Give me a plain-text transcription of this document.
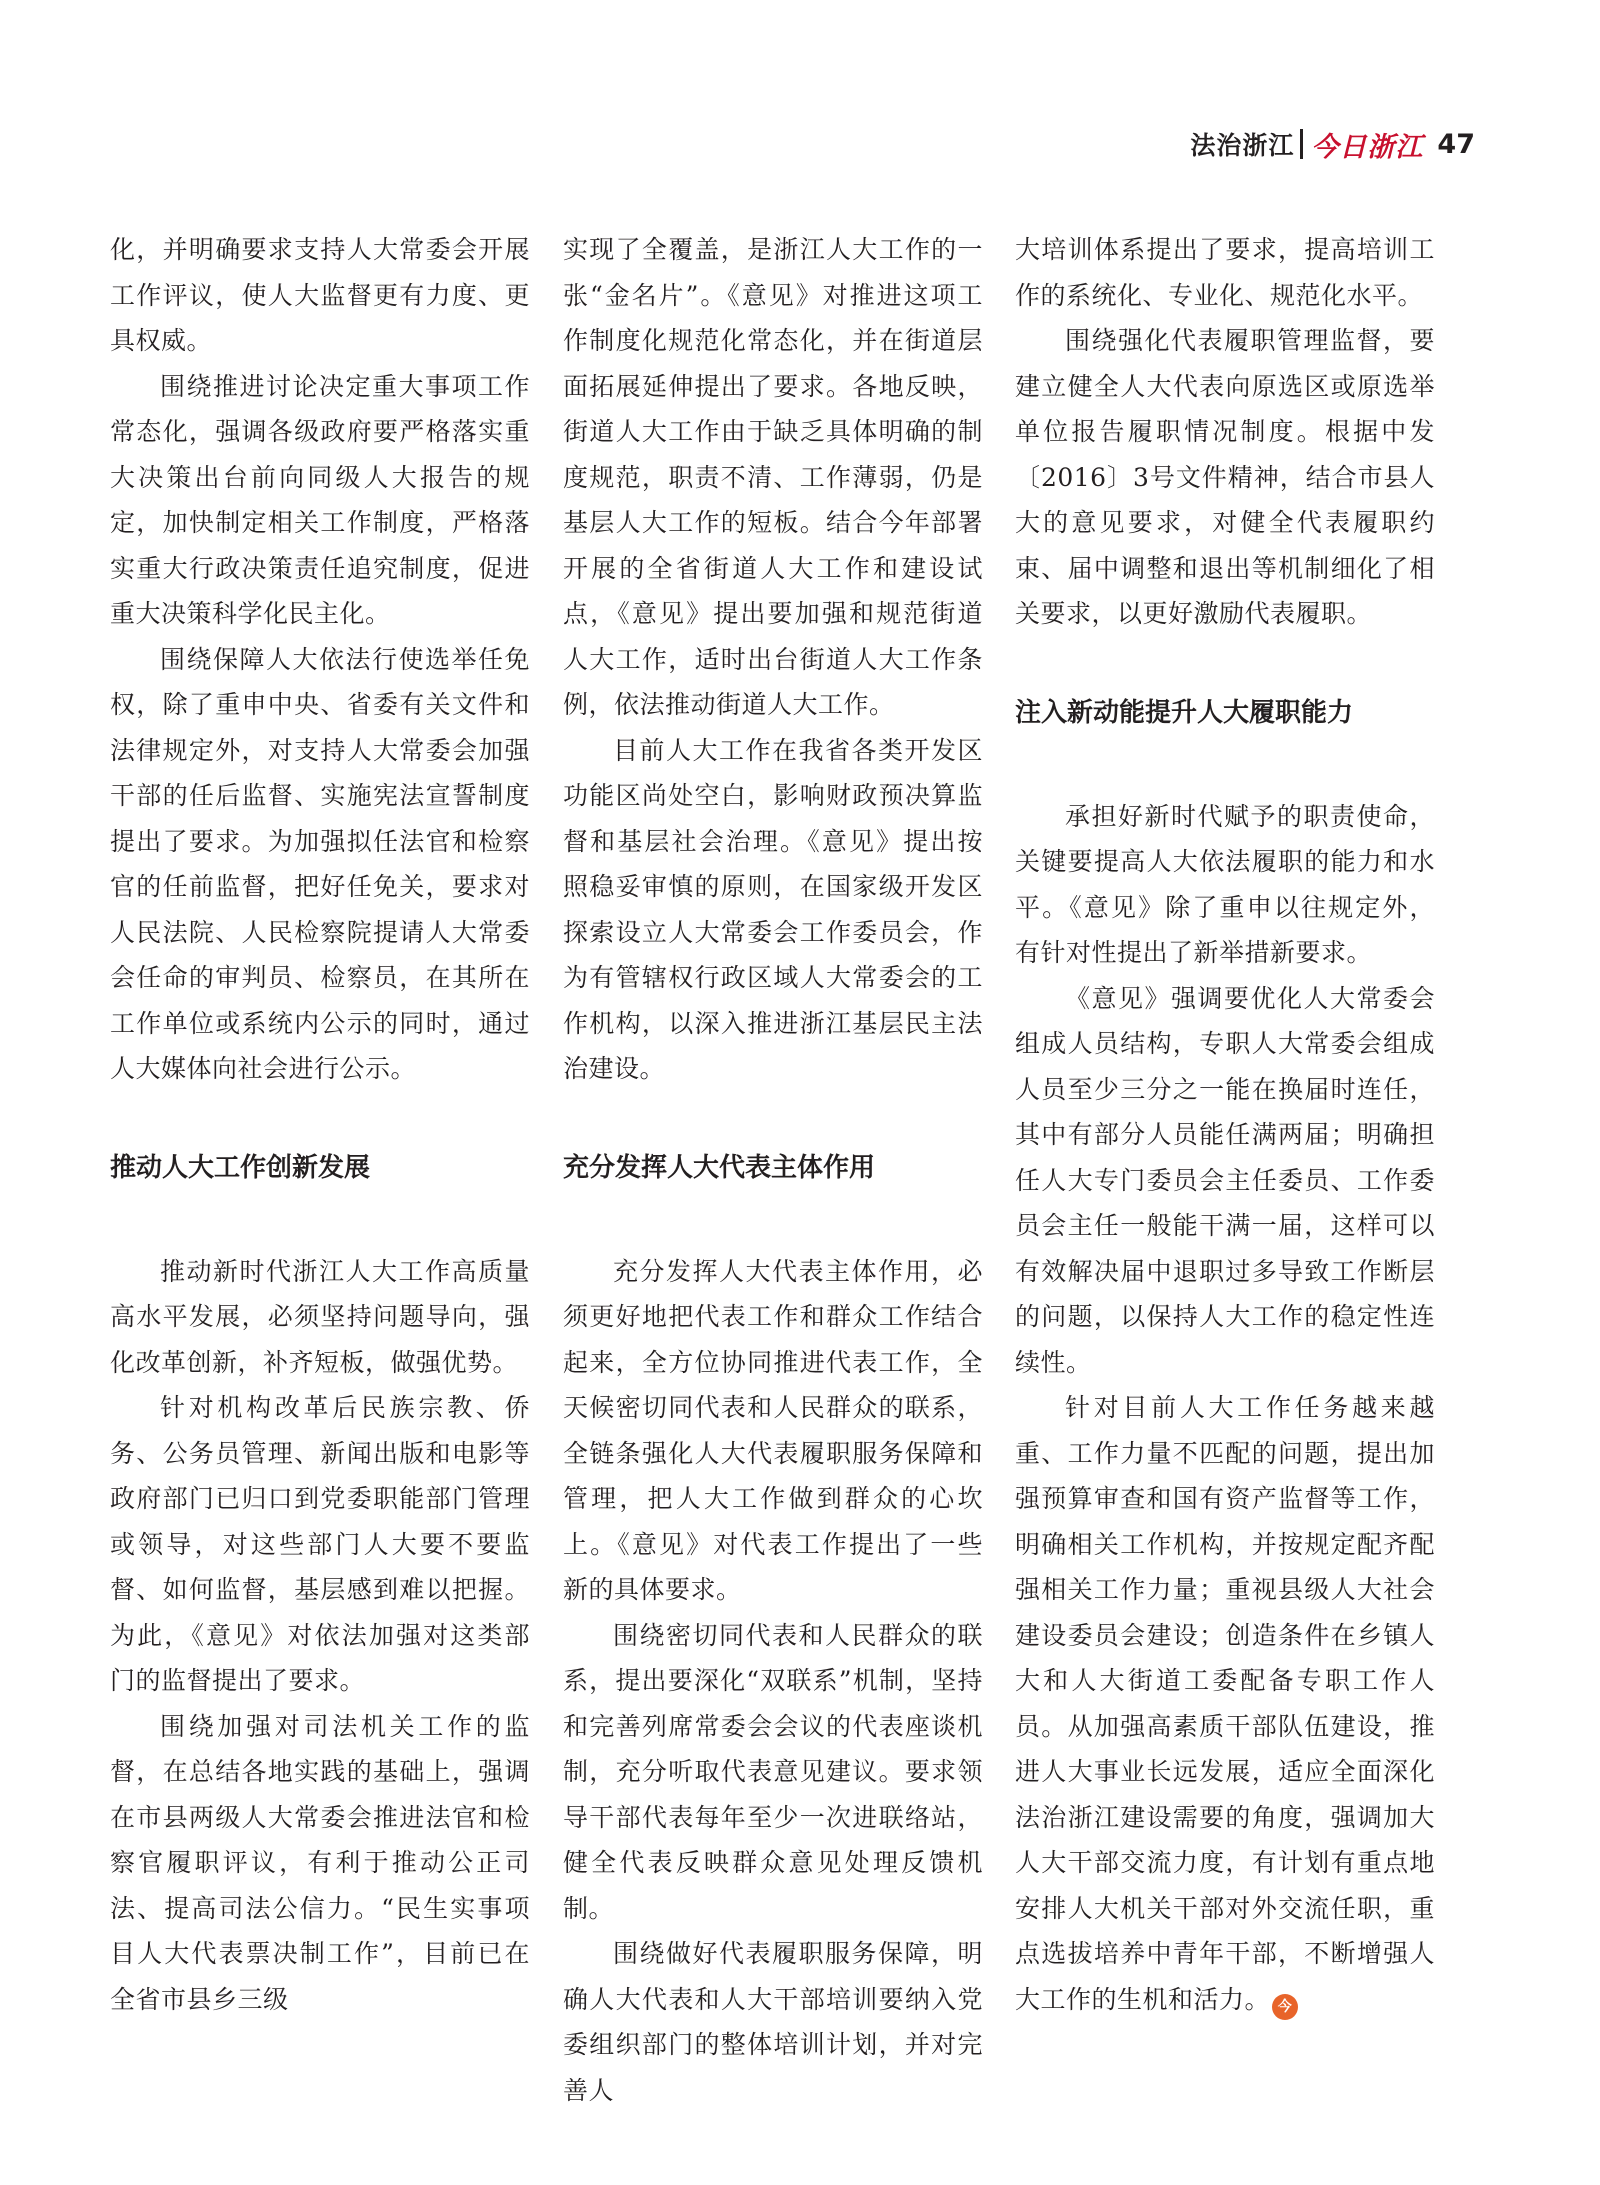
法治浙江 今日浙江 47

化，并明确要求支持人大常委会开展工作评议，使人大监督更有力度、更具权威。

围绕推进讨论决定重大事项工作常态化，强调各级政府要严格落实重大决策出台前向同级人大报告的规定，加快制定相关工作制度，严格落实重大行政决策责任追究制度，促进重大决策科学化民主化。

围绕保障人大依法行使选举任免权，除了重申中央、省委有关文件和法律规定外，对支持人大常委会加强干部的任后监督、实施宪法宣誓制度提出了要求。为加强拟任法官和检察官的任前监督，把好任免关，要求对人民法院、人民检察院提请人大常委会任命的审判员、检察员，在其所在工作单位或系统内公示的同时，通过人大媒体向社会进行公示。

推动人大工作创新发展

推动新时代浙江人大工作高质量高水平发展，必须坚持问题导向，强化改革创新，补齐短板，做强优势。

针对机构改革后民族宗教、侨务、公务员管理、新闻出版和电影等政府部门已归口到党委职能部门管理或领导，对这些部门人大要不要监督、如何监督，基层感到难以把握。为此，《意见》对依法加强对这类部门的监督提出了要求。

围绕加强对司法机关工作的监督，在总结各地实践的基础上，强调在市县两级人大常委会推进法官和检察官履职评议，有利于推动公正司法、提高司法公信力。“民生实事项目人大代表票决制工作”，目前已在全省市县乡三级

实现了全覆盖，是浙江人大工作的一张“金名片”。《意见》对推进这项工作制度化规范化常态化，并在街道层面拓展延伸提出了要求。各地反映，街道人大工作由于缺乏具体明确的制度规范，职责不清、工作薄弱，仍是基层人大工作的短板。结合今年部署开展的全省街道人大工作和建设试点，《意见》提出要加强和规范街道人大工作，适时出台街道人大工作条例，依法推动街道人大工作。

目前人大工作在我省各类开发区功能区尚处空白，影响财政预决算监督和基层社会治理。《意见》提出按照稳妥审慎的原则，在国家级开发区探索设立人大常委会工作委员会，作为有管辖权行政区域人大常委会的工作机构，以深入推进浙江基层民主法治建设。

充分发挥人大代表主体作用

充分发挥人大代表主体作用，必须更好地把代表工作和群众工作结合起来，全方位协同推进代表工作，全天候密切同代表和人民群众的联系，全链条强化人大代表履职服务保障和管理，把人大工作做到群众的心坎上。《意见》对代表工作提出了一些新的具体要求。

围绕密切同代表和人民群众的联系，提出要深化“双联系”机制，坚持和完善列席常委会会议的代表座谈机制，充分听取代表意见建议。要求领导干部代表每年至少一次进联络站，健全代表反映群众意见处理反馈机制。

围绕做好代表履职服务保障，明确人大代表和人大干部培训要纳入党委组织部门的整体培训计划，并对完善人

大培训体系提出了要求，提高培训工作的系统化、专业化、规范化水平。

围绕强化代表履职管理监督，要建立健全人大代表向原选区或原选举单位报告履职情况制度。根据中发〔2016〕3号文件精神，结合市县人大的意见要求，对健全代表履职约束、届中调整和退出等机制细化了相关要求，以更好激励代表履职。

注入新动能提升人大履职能力

承担好新时代赋予的职责使命，关键要提高人大依法履职的能力和水平。《意见》除了重申以往规定外，有针对性提出了新举措新要求。

《意见》强调要优化人大常委会组成人员结构，专职人大常委会组成人员至少三分之一能在换届时连任，其中有部分人员能任满两届；明确担任人大专门委员会主任委员、工作委员会主任一般能干满一届，这样可以有效解决届中退职过多导致工作断层的问题，以保持人大工作的稳定性连续性。

针对目前人大工作任务越来越重、工作力量不匹配的问题，提出加强预算审查和国有资产监督等工作，明确相关工作机构，并按规定配齐配强相关工作力量；重视县级人大社会建设委员会建设；创造条件在乡镇人大和人大街道工委配备专职工作人员。从加强高素质干部队伍建设，推进人大事业长远发展，适应全面深化法治浙江建设需要的角度，强调加大人大干部交流力度，有计划有重点地安排人大机关干部对外交流任职，重点选拔培养中青年干部，不断增强人大工作的生机和活力。 今
